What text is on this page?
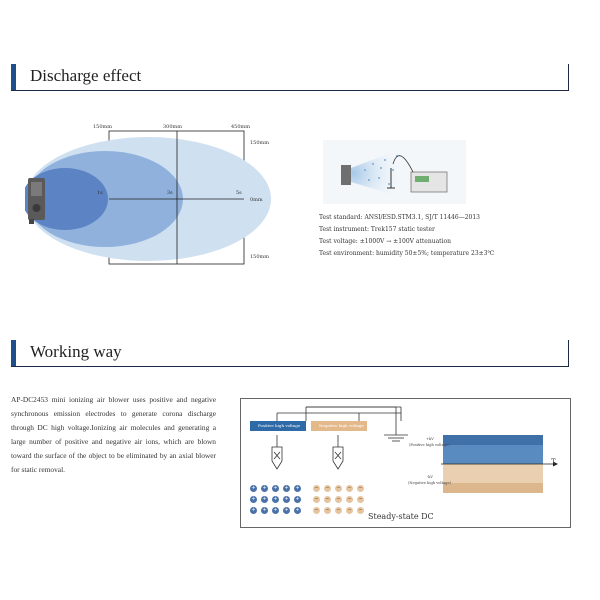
Discharge effect
150mm	300mm	450mm
150mm
0mm
150mm
1s	3s	5s
Test standard: ANSI/ESD.STM3.1, SJ/T 11446—2013
Test instrument: Trek157 static tester
Test voltage: ±1000V → ±100V attenuation
Test environment: humidity 50±5%; temperature 23±3℃
Working way
AP-DC2453 mini ionizing air blower uses positive and negative synchronous emission electrodes to generate corona discharge through DC high voltage.Ionizing air molecules and generating a large number of positive and negative air ions, which are blown toward the surface of the object to be eliminated by an axial blower for static removal.
Positive high voltage	Negative high voltage
+kV
(Positive high voltage)
-kV
(Negative high voltage)
T
+ + + + +
+ + + + +
+ + + + +
− − − − −
− − − − −
− − − − −
Steady-state DC
